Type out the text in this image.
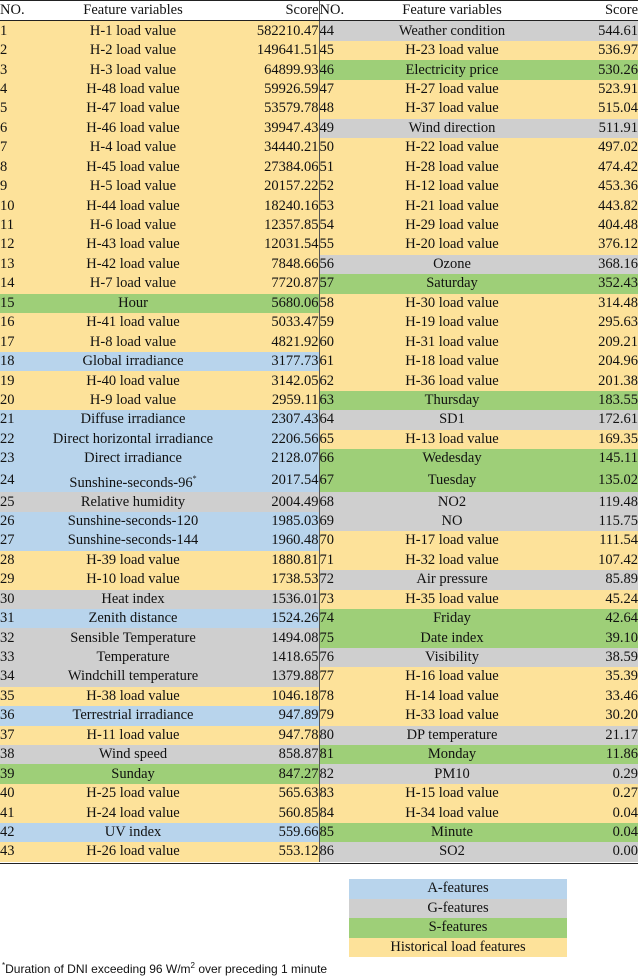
NO.	Feature variables	Score	NO.	Feature variables	Score
1	H-1 load value	582210.47	44	Weather condition	544.61
2	H-2 load value	149641.51	45	H-23 load value	536.97
3	H-3 load value	64899.93	46	Electricity price	530.26
4	H-48 load value	59926.59	47	H-27 load value	523.91
5	H-47 load value	53579.78	48	H-37 load value	515.04
6	H-46 load value	39947.43	49	Wind direction	511.91
7	H-4 load value	34440.21	50	H-22 load value	497.02
8	H-45 load value	27384.06	51	H-28 load value	474.42
9	H-5 load value	20157.22	52	H-12 load value	453.36
10	H-44 load value	18240.16	53	H-21 load value	443.82
11	H-6 load value	12357.85	54	H-29 load value	404.48
12	H-43 load value	12031.54	55	H-20 load value	376.12
13	H-42 load value	7848.66	56	Ozone	368.16
14	H-7 load value	7720.87	57	Saturday	352.43
15	Hour	5680.06	58	H-30 load value	314.48
16	H-41 load value	5033.47	59	H-19 load value	295.63
17	H-8 load value	4821.92	60	H-31 load value	209.21
18	Global irradiance	3177.73	61	H-18 load value	204.96
19	H-40 load value	3142.05	62	H-36 load value	201.38
20	H-9 load value	2959.11	63	Thursday	183.55
21	Diffuse irradiance	2307.43	64	SD1	172.61
22	Direct horizontal irradiance	2206.56	65	H-13 load value	169.35
23	Direct irradiance	2128.07	66	Wedesday	145.11
24	Sunshine-seconds-96*	2017.54	67	Tuesday	135.02
25	Relative humidity	2004.49	68	NO2	119.48
26	Sunshine-seconds-120	1985.03	69	NO	115.75
27	Sunshine-seconds-144	1960.48	70	H-17 load value	111.54
28	H-39 load value	1880.81	71	H-32 load value	107.42
29	H-10 load value	1738.53	72	Air pressure	85.89
30	Heat index	1536.01	73	H-35 load value	45.24
31	Zenith distance	1524.26	74	Friday	42.64
32	Sensible Temperature	1494.08	75	Date index	39.10
33	Temperature	1418.65	76	Visibility	38.59
34	Windchill temperature	1379.88	77	H-16 load value	35.39
35	H-38 load value	1046.18	78	H-14 load value	33.46
36	Terrestrial irradiance	947.89	79	H-33 load value	30.20
37	H-11 load value	947.78	80	DP temperature	21.17
38	Wind speed	858.87	81	Monday	11.86
39	Sunday	847.27	82	PM10	0.29
40	H-25 load value	565.63	83	H-15 load value	0.27
41	H-24 load value	560.85	84	H-34 load value	0.04
42	UV index	559.66	85	Minute	0.04
43	H-26 load value	553.12	86	SO2	0.00
A-features
G-features
S-features
Historical load features
*Duration of DNI exceeding 96 $W/m^2$ over preceding 1 minute
